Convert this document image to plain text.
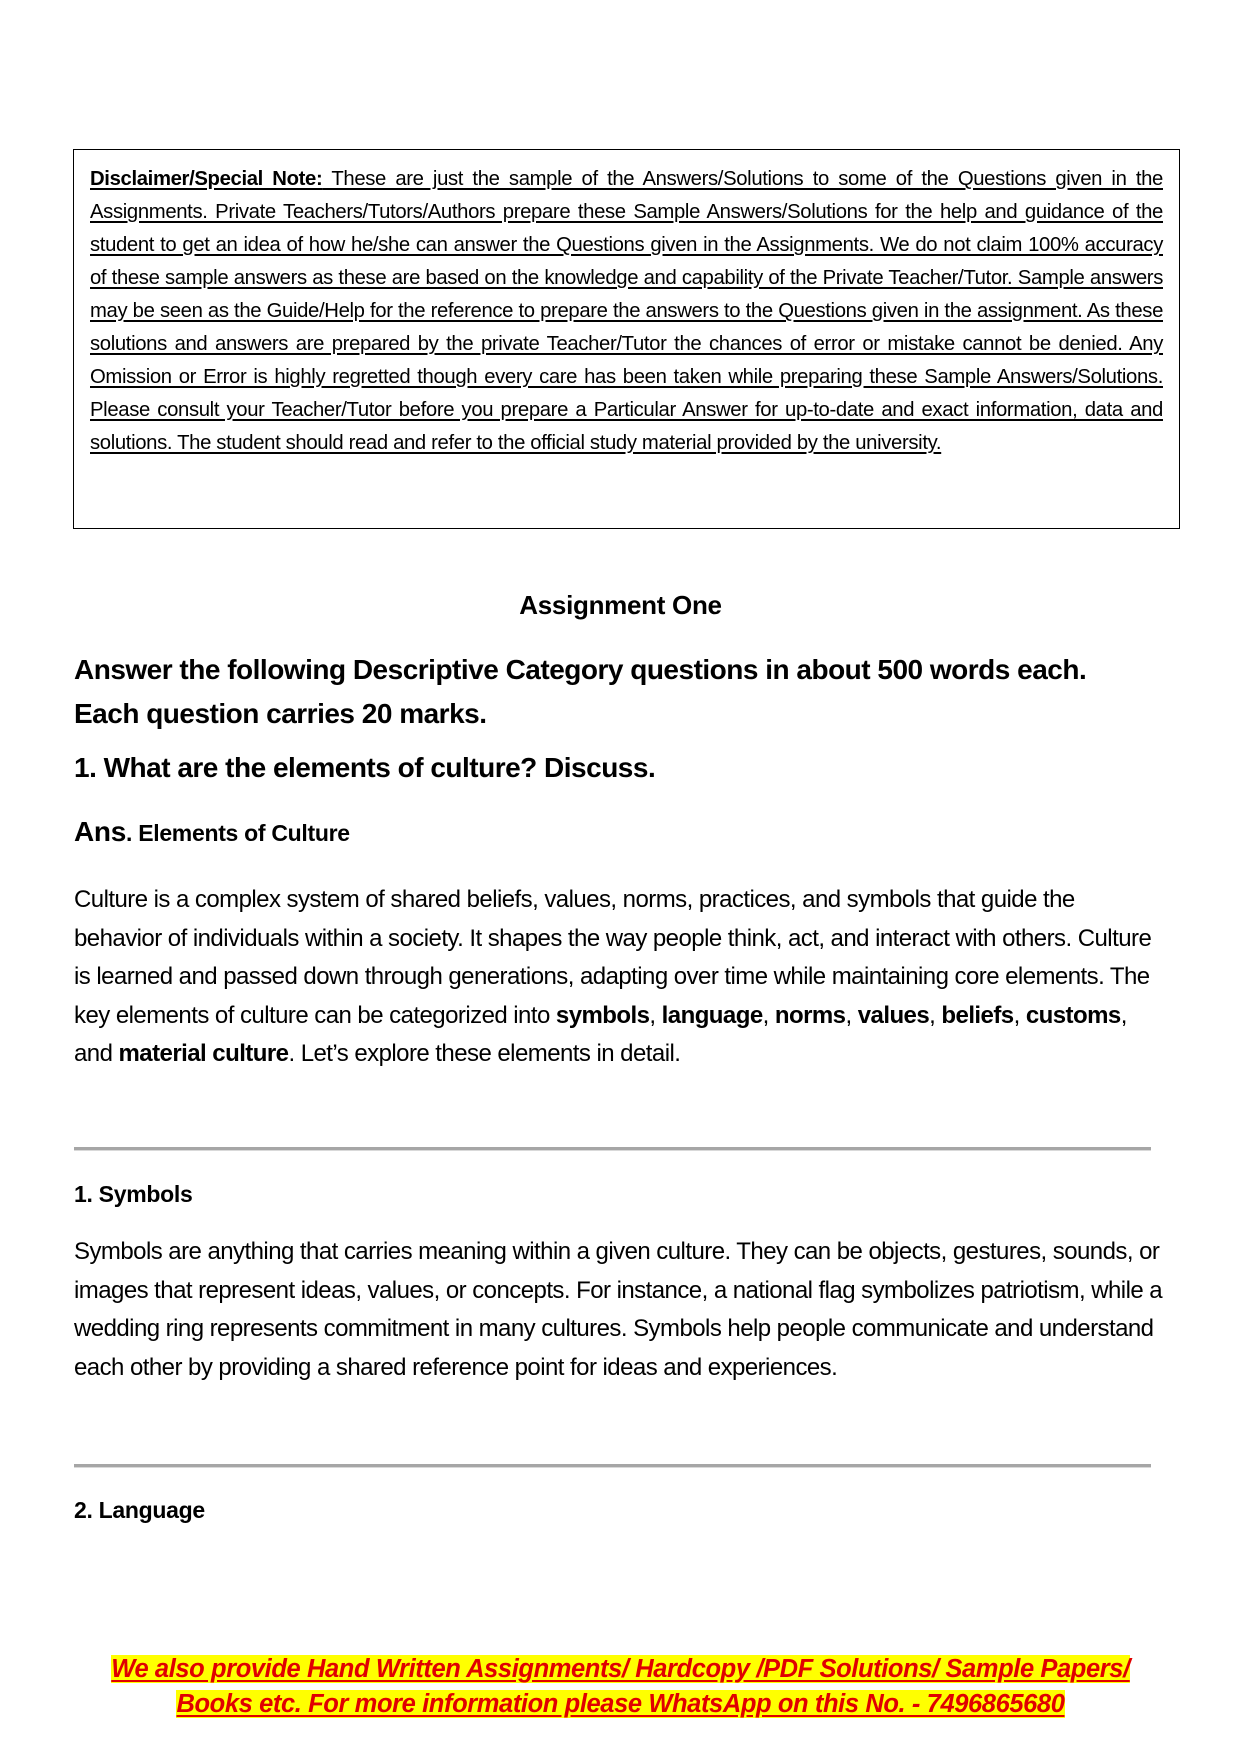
Disclaimer/Special Note: These are just the sample of the Answers/Solutions to some of the Questions given in the Assignments. Private Teachers/Tutors/Authors prepare these Sample Answers/Solutions for the help and guidance of the student to get an idea of how he/she can answer the Questions given in the Assignments. We do not claim 100% accuracy of these sample answers as these are based on the knowledge and capability of the Private Teacher/Tutor. Sample answers may be seen as the Guide/Help for the reference to prepare the answers to the Questions given in the assignment. As these solutions and answers are prepared by the private Teacher/Tutor the chances of error or mistake cannot be denied. Any Omission or Error is highly regretted though every care has been taken while preparing these Sample Answers/Solutions. Please consult your Teacher/Tutor before you prepare a Particular Answer for up-to-date and exact information, data and solutions. The student should read and refer to the official study material provided by the university.
Assignment One
Answer the following Descriptive Category questions in about 500 words each. Each question carries 20 marks.
1. What are the elements of culture? Discuss.
Ans. Elements of Culture
Culture is a complex system of shared beliefs, values, norms, practices, and symbols that guide the behavior of individuals within a society. It shapes the way people think, act, and interact with others. Culture is learned and passed down through generations, adapting over time while maintaining core elements. The key elements of culture can be categorized into symbols, language, norms, values, beliefs, customs, and material culture. Let’s explore these elements in detail.
1. Symbols
Symbols are anything that carries meaning within a given culture. They can be objects, gestures, sounds, or images that represent ideas, values, or concepts. For instance, a national flag symbolizes patriotism, while a wedding ring represents commitment in many cultures. Symbols help people communicate and understand each other by providing a shared reference point for ideas and experiences.
2. Language
We also provide Hand Written Assignments/ Hardcopy /PDF Solutions/ Sample Papers/
Books etc. For more information please WhatsApp on this No. - 7496865680
